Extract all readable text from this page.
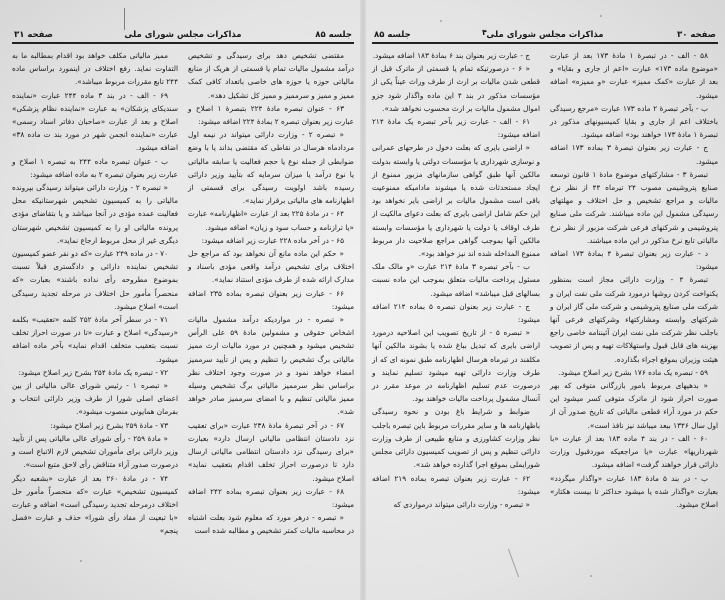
جلسه ۸۵
مذاکرات مجلس شورای ملی
صفحه ۳۱

مقتضی تشخیص دهد برای رسیدگی و تشخیص درآمد مشمول مالیات تمام یا قسمتی از هریک از منابع مالیاتی حوزه یا حوزه های خاصی باتعداد کافی کمک ممیز و ممیز و سرممیز و ممیز کل تشکیل دهد».

۶۳ - عنوان تبصره مادهٔ ۲۲۴ بتبصرهٔ ۱ اصلاح و عبارت زیر بعنوان تبصره ۲ بمادهٔ ۲۲۴ اضافه میشود:

« تبصره ۲ - وزارت دارائی میتواند در نیمه اول مردادماه هرسال در نقاطی که مقتضی بداند یا با وضع ضوابطی از جمله نوع یا حجم فعالیت یا سابقه مالیاتی یا نوع درآمد یا میزان سرمایه که بتأیید وزیر دارائی رسیده باشد اولویت رسیدگی برای قسمتی از اظهارنامه های مالیاتی برقرار نماید».

۶۴ - در مادهٔ ۲۲۵ بعد از عبارت «اظهارنامه» عبارت «یا ترازنامه و حساب سود و زیان» اضافه میشود.

۶۵ - در آخر ماده ۲۲۸ عبارت زیر اضافه میشود:

« حکم این ماده مانع آن نخواهد بود که مراجع حل اختلاف برای تشخیص درآمد واقعی مؤدی باسناد و مدارک ارائه شده از طرف مؤدی استناد نماید».

۶۶ - عبارت زیر بعنوان تبصره بماده ۲۳۵ اضافه میشود:

« تبصره - در مواردیکه درآمد مشمول مالیات اشخاص حقوقی و مشمولین مادهٔ ۵۹ علی الرأس تشخیص میشود و همچنین در مورد مالیات ارث ممیز مالیاتی برگ تشخیص را تنظیم و پس از تأیید سرممیز امضاء خواهد نمود و در صورت وجود اختلاف نظر براساس نظر سرممیز مالیاتی برگ تشخیص وسیله ممیز مالیاتی تنظیم و با امضای سرممیز صادر خواهد شد».

۶۷ - در آخر تبصرهٔ مادهٔ ۲۳۸ عبارت «برای تعقیب نزد دادستان انتظامی مالیاتی ارسال دارد» بعبارت «برای رسیدگی نزد دادستان انتظامی مالیاتی ارسال دارد تا درصورت احراز تخلف اقدام بتعقیب نماید» اصلاح میشود.

۶۸ - عبارت زیر بعنوان تبصره بماده ۲۴۲ اضافه میشود:

« تبصره - درهر مورد که معلوم شود بعلت اشتباه در محاسبه مالیات کمتر تشخیص و مطالبه شده است

ممیز مالیاتی مکلف خواهد بود اقدام بمطالبه ما به التفاوت نماید. رفع اختلاف در اینمورد براساس ماده ۲۴۴ تابع مقررات مربوط میباشد».

۶۹ - الف - در بند ۳ ماده ۲۴۴ عبارت «نماینده سندیکای پزشکان» به عبارت «نماینده نظام پزشکی» اصلاح و بعد از عبارت «صاحبان دفاتر اسناد رسمی» عبارت «نماینده انجمن شهر در مورد بند ت ماده ۳۸» اضافه میشود.

ب - عنوان تبصره ماده ۲۴۴ به تبصره ۱ اصلاح و عبارت زیر بعنوان تبصره ۲ به ماده اضافه میشود:

« تبصره ۲ - وزارت دارائی میتواند رسیدگی بپرونده مالیاتی را به کمیسیون تشخیص شهرستانیکه محل فعالیت عمده مؤدی در آنجا میباشد و یا بتقاضای مؤدی پرونده مالیاتی او را به کمیسیون تشخیص شهرستان دیگری غیر از محل مربوط ارجاع نماید».

۷۰ - در ماده ۲۴۹ عبارت «که دو نفر عضو کمیسیون تشخیص نماینده دارائی و دادگستری قبلاً نسبت بموضوع مطروحه رأی نداده باشند» بعبارت «که منحصراً مأمور حل اختلاف در مرحله تجدید رسیدگی است» اصلاح میشود.

۷۱ - در سطر آخر مادهٔ ۲۵۲ کلمه «تعقیب» بکلمه «رسیدگی» اصلاح و عبارت «تا در صورت احراز تخلف نسبت بتعقیب متخلف اقدام نماید» بآخر ماده اضافه میشود.

۷۲ - تبصره یک مادهٔ ۲۵۴ بشرح زیر اصلاح میشود:

« تبصره ۱ - رئیس شورای عالی مالیاتی از بین اعضای اصلی شورا از طرف وزیر دارائی انتخاب و بفرمان همایونی منصوب میشود».

۷۳ - مادهٔ ۲۵۹ بشرح زیر اصلاح میشود:

« مادهٔ ۲۵۹ - رأی شورای عالی مالیاتی پس از تأیید وزیر دارائی برای مأموران تشخیص لازم الاتباع است و درصورت صدور آراء متناقض رأی لاحق متبع است».

۷۴ - در مادهٔ ۲۶۰ بعد از عبارت «بشعبه دیگر کمیسیون تشخیص» عبارت «که منحصراً مأمور حل اختلاف درمرحله تجدید رسیدگی است» اضافه و عبارت «با تبعیت از مفاد رأی شورا» حذف و عبارت «فصل پنجم»

صفحه ۳۰
مذاکرات مجلس شورای ملی
۴
جلسه ۸۵

۵۸ - الف - در تبصرهٔ ۱ مادهٔ ۱۷۳ بعد از عبارت «موضوع ماده ۱۷۳» عبارت «اعم از جاری و بقایا» و بعد از عبارت «کمک ممیز» عبارت «و ممیزه» اضافه میشود.

ب - بآخر تبصرهٔ ۲ ماده ۱۷۳ عبارت «مرجع رسیدگی باختلاف اعم از جاری و بقایا کمیسیونهای مذکور در تبصرهٔ ۱ مادهٔ ۱۷۳ خواهند بود» اضافه میشود.

ج - عبارت زیر بعنوان تبصرهٔ ۳ بماده ۱۷۳ اضافه میشود.

تبصرهٔ ۳ - مشارکتهای موضوع مادهٔ ۱ قانون توسعه صنایع پتروشیمی مصوب ۲۴ تیرماه ۴۴ از نظر نرخ مالیات و مراجع تشخیص و حل اختلاف و مهلتهای رسیدگی مشمول این ماده میباشند. شرکت ملی صنایع پتروشیمی و شرکتهای فرعی شرکت مزبور از نظر نرخ مالیاتی تابع نرخ مذکور در این ماده میباشند.

د - عبارت زیر بعنوان تبصرهٔ ۴ بمادهٔ ۱۷۳ اضافه میشود:

تبصرهٔ ۴ - وزارت دارائی مجاز است بمنظور یکنواخت کردن روشها درمورد شرکت ملی نفت ایران و شرکت ملی صنایع پتروشیمی و شرکت ملی گاز ایران و شرکتهای وابسته ومشارکتهاء وشرکتهای فرعی آنها باجلب نظر شرکت ملی نفت ایران آئیننامه خاصی راجع بهزینه های قابل قبول واستهلاکات تهیه و پس از تصویب هیئت وزیران بموقع اجراء بگذارده.

۵۹ - تبصره یک ماده ۱۷۶ بشرح زیر اصلاح میشود.

« بدهیهای مربوط بامور بازرگانی متوفی که بهر صورت احراز شود از ماترک متوفی کسر میشود این حکم در مورد آراء قطعی مالیاتی که تاریخ صدور آن از اول سال ۱۳۴۶ ببعد میباشد نیز نافذ است».

۶۰ - الف - در بند ۴ ماده ۱۸۳ بعد از عبارت «با شهرداریها» عبارت «یا مراجعیکه موردقبول وزارت دارائی قرار خواهند گرفت» اضافه میشود.

ب - در بند ۵ مادهٔ ۱۸۳ عبارت «واگذار میگردد» بعبارت «واگذار شده یا میشود حداکثر تا بیست هکتار» اصلاح میشود.

ج - عبارت زیر بعنوان بند ۶ بمادهٔ ۱۸۳ اضافه میشود.

« ۶ - درصورتیکه تمام یا قسمتی از ماترک قبل از قطعی شدن مالیات بر ارث از طرف وراث عیناً یکی از مؤسسات مذکور در بند ۴ این ماده واگذار شود جزو اموال مشمول مالیات بر ارث محسوب نخواهد شد».

۶۱ - الف - عبارت زیر بآخر تبصره یک مادهٔ ۲۱۴ اضافه میشود:

« اراضی بایری که بعلت دخول در طرحهای عمرانی و نوسازی شهرداری یا مؤسسات دولتی یا وابسته بدولت مالکین آنها طبق گواهی سازمانهای مزبور ممنوع از ایجاد مستحدثات شده یا میشوند مادامیکه ممنوعیت باقی است مشمول مالیات بر اراضی بایر نخواهد بود این حکم شامل اراضی بایری که بعلت دعوای مالکیت از طرف اوقاف یا دولت یا شهرداری یا مؤسسات وابسته مالکین آنها بموجب گواهی مراجع صلاحیت دار مربوط ممنوع المداخله شده اند نیز خواهد بود».

ب - بآخر تبصره ۳ مادهٔ ۲۱۴ عبارت «و مالک ملک مسئول پرداخت مالیات متعلق بموجب این ماده نسبت بسالهای قبل میباشد» اضافه میشود.

ج - عبارت زیر بعنوان تبصره ۵ بماده ۲۱۴ اضافه میشود:

« تبصره ۵ - از تاریخ تصویب این اصلاحیه درمورد اراضی بایری که تبدیل بباغ شده یا بشوند مالکین آنها مکلفند در تیرماه هرسال اظهارنامه طبق نمونه ای که از طرف وزارت دارائی تهیه میشود تسلیم نمایند و درصورت عدم تسلیم اظهارنامه در موعد مقرر در آنسال مشمول پرداخت مالیات خواهند بود.

ضوابط و شرایط باغ بودن و نحوه رسیدگی باظهارنامه ها و سایر مقررات مربوط باین تبصره باجلب نظر وزارت کشاورزی و منابع طبیعی از طرف وزارت دارائی تنظیم و پس از تصویب کمیسیون دارائی مجلس شورایملی بموقع اجرا گذارده خواهد شد».

۶۲ - عبارت زیر بعنوان تبصره بماده ۲۱۹ اضافه میشود:

« تبصره - وزارت دارائی میتواند درمواردی که
